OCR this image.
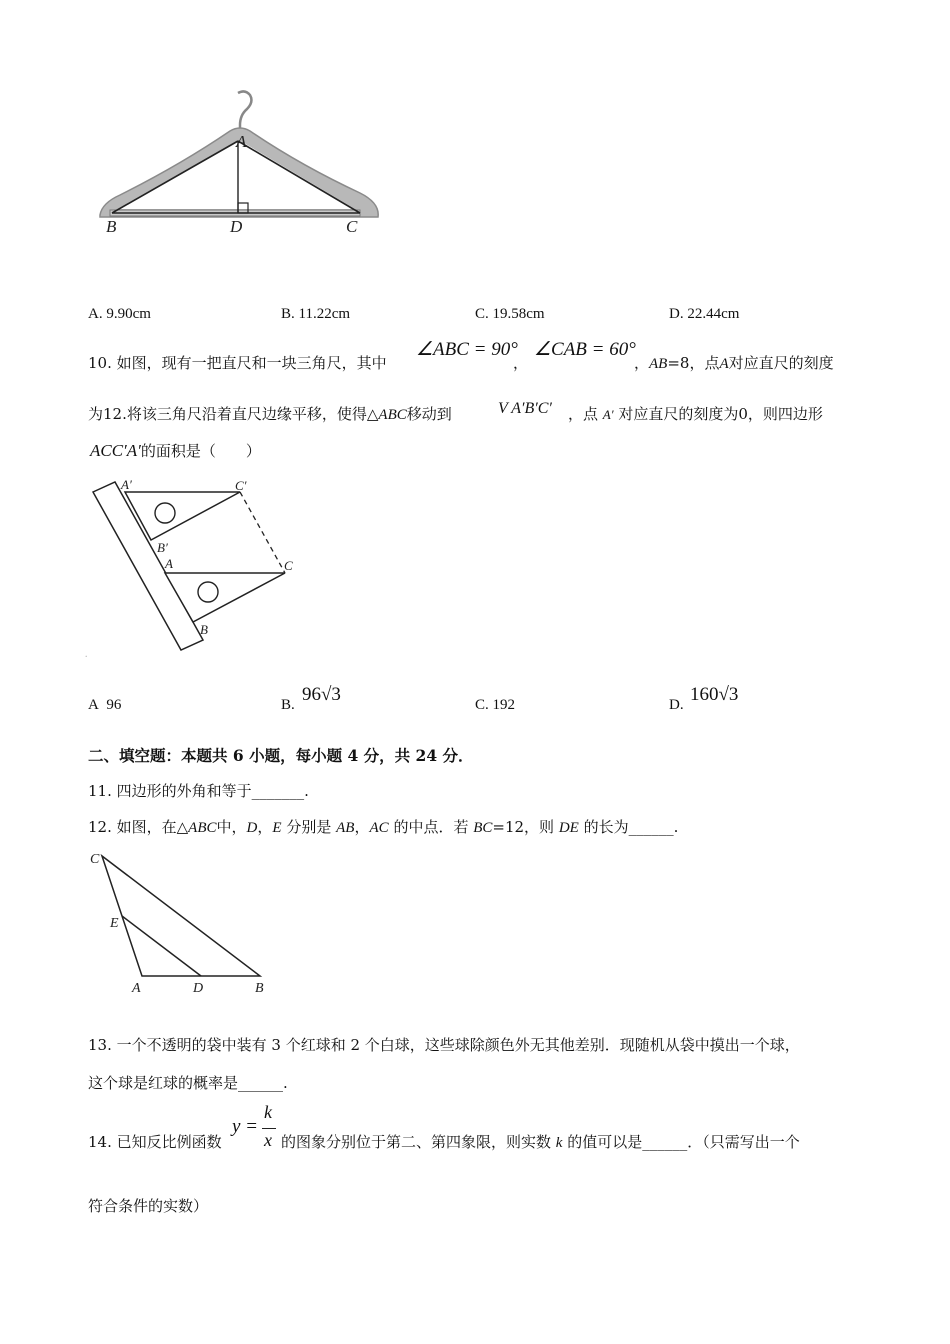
A
B	D	C
A. 9.90cm	B. 11.22cm	C. 19.58cm	D. 22.44cm
10. 如图，现有一把直尺和一块三角尺，其中
∠ABC = 90°
，
∠CAB = 60°
，AB=8，点A对应直尺的刻度
为12.将该三角尺沿着直尺边缘平移，使得△ABC移动到	V A′B′C′ ，点 A′ 对应直尺的刻度为0，则四边形
ACC′A′的面积是（　　）
.
A′	C′
B′
A	C
B
A 96	B. 96√3	C. 192	D. 160√3
二、填空题：本题共 6 小题，每小题 4 分，共 24 分．
11. 四边形的外角和等于_______.
12. 如图，在△ABC中，D，E 分别是 AB，AC 的中点．若 BC=12，则 DE 的长为______.
C
E
A	D	B
13. 一个不透明的袋中装有 3 个红球和 2 个白球，这些球除颜色外无其他差别．现随机从袋中摸出一个球，
这个球是红球的概率是______.
14. 已知反比例函数
y =
k
x 的图象分别位于第二、第四象限，则实数 k 的值可以是______．（只需写出一个
符合条件的实数）
